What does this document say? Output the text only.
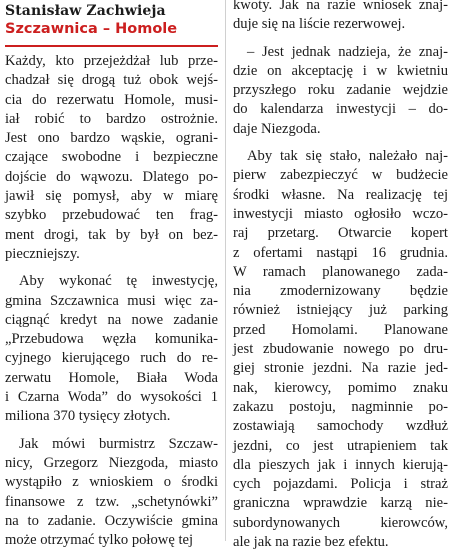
Stanisław Zachwieja
Szczawnica – Homole
Każdy, kto przejeżdżał lub prze-
chadzał się drogą tuż obok wejś-
cia do rezerwatu Homole, musi-
iał robić to bardzo ostrożnie.
Jest ono bardzo wąskie, ograni-
czające swobodne i bezpieczne
dojście do wąwozu. Dlatego po-
jawił się pomysł, aby w miarę
szybko przebudować ten frag-
ment drogi, tak by był on bez-
pieczniejszy.
Aby wykonać tę inwestycję,
gmina Szczawnica musi więc za-
ciągnąć kredyt na nowe zadanie
„Przebudowa węzła komunika-
cyjnego kierującego ruch do re-
zerwatu Homole, Biała Woda
i Czarna Woda” do wysokości 1
miliona 370 tysięcy złotych.
Jak mówi burmistrz Szczaw-
nicy, Grzegorz Niezgoda, miasto
wystąpiło z wnioskiem o środki
finansowe z tzw. „schetynówki”
na to zadanie. Oczywiście gmina
może otrzymać tylko połowę tej
kwoty. Jak na razie wniosek znaj-
duje się na liście rezerwowej.
– Jest jednak nadzieja, że znaj-
dzie on akceptację i w kwietniu
przyszłego roku zadanie wejdzie
do kalendarza inwestycji – do-
daje Niezgoda.
Aby tak się stało, należało naj-
pierw zabezpieczyć w budżecie
środki własne. Na realizację tej
inwestycji miasto ogłosiło wczo-
raj przetarg. Otwarcie kopert
z ofertami nastąpi 16 grudnia.
W ramach planowanego zada-
nia zmodernizowany będzie
również istniejący już parking
przed Homolami. Planowane
jest zbudowanie nowego po dru-
giej stronie jezdni. Na razie jed-
nak, kierowcy, pomimo znaku
zakazu postoju, nagminnie po-
zostawiają samochody wzdłuż
jezdni, co jest utrapieniem tak
dla pieszych jak i innych kierują-
cych pojazdami. Policja i straż
graniczna wprawdzie karzą nie-
subordynowanych kierowców,
ale jak na razie bez efektu.
